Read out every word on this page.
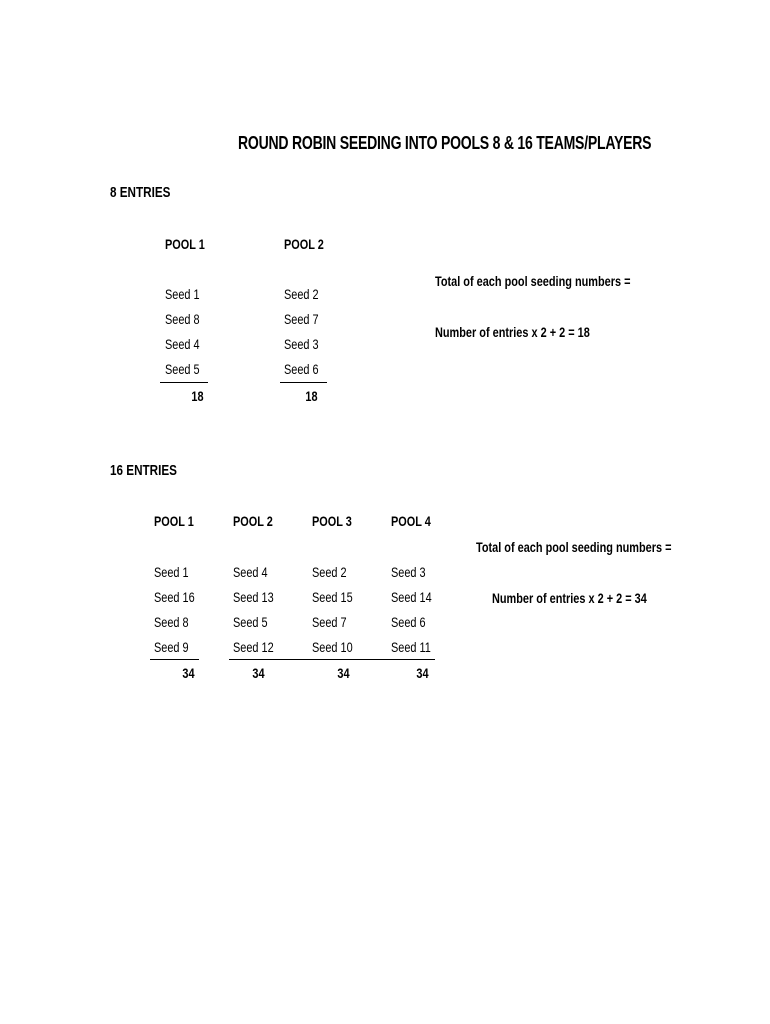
ROUND ROBIN SEEDING INTO POOLS 8 & 16 TEAMS/PLAYERS
8 ENTRIES
POOL 1
Seed 1
Seed 8
Seed 4
Seed 5
18
POOL 2
Seed 2
Seed 7
Seed 3
Seed 6
18
Total of each pool seeding numbers =
Number of entries x 2 + 2 = 18
16 ENTRIES
POOL 1
Seed 1
Seed 16
Seed 8
Seed 9
34
POOL 2
Seed 4
Seed 13
Seed 5
Seed 12
34
POOL 3
Seed 2
Seed 15
Seed 7
Seed 10
34
POOL 4
Seed 3
Seed 14
Seed 6
Seed 11
34
Total of each pool seeding numbers =
Number of entries x 2 + 2 = 34
